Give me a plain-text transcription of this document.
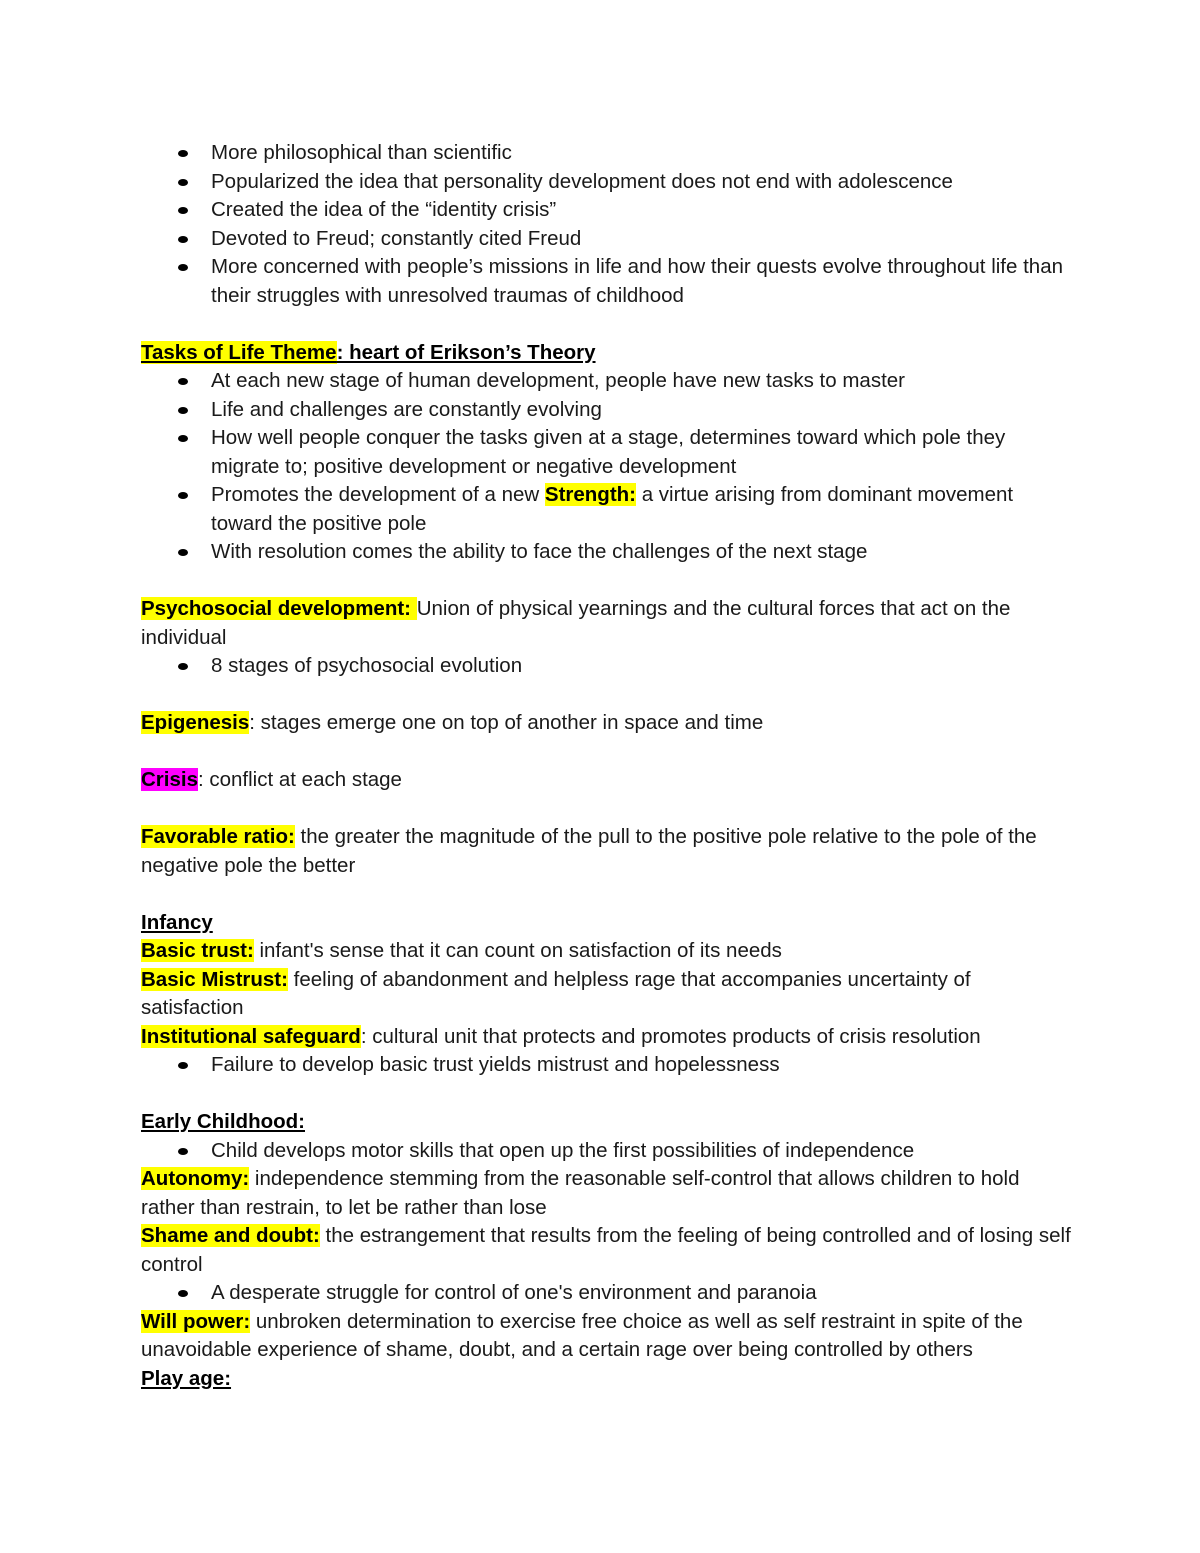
More philosophical than scientific
Popularized the idea that personality development does not end with adolescence
Created the idea of the “identity crisis”
Devoted to Freud; constantly cited Freud
More concerned with people’s missions in life and how their quests evolve throughout life than their struggles with unresolved traumas of childhood

Tasks of Life Theme: heart of Erikson’s Theory

At each new stage of human development, people have new tasks to master
Life and challenges are constantly evolving
How well people conquer the tasks given at a stage, determines toward which pole they migrate to; positive development or negative development
Promotes the development of a new Strength: a virtue arising from dominant movement toward the positive pole
With resolution comes the ability to face the challenges of the next stage

Psychosocial development: Union of physical yearnings and the cultural forces that act on the individual

8 stages of psychosocial evolution

Epigenesis: stages emerge one on top of another in space and time

Crisis: conflict at each stage

Favorable ratio: the greater the magnitude of the pull to the positive pole relative to the pole of the negative pole the better

Infancy

Basic trust: infant's sense that it can count on satisfaction of its needs

Basic Mistrust: feeling of abandonment and helpless rage that accompanies uncertainty of satisfaction

Institutional safeguard: cultural unit that protects and promotes products of crisis resolution

Failure to develop basic trust yields mistrust and hopelessness

Early Childhood:

Child develops motor skills that open up the first possibilities of independence

Autonomy: independence stemming from the reasonable self-control that allows children to hold rather than restrain, to let be rather than lose

Shame and doubt: the estrangement that results from the feeling of being controlled and of losing self control

A desperate struggle for control of one's environment and paranoia

Will power: unbroken determination to exercise free choice as well as self restraint in spite of the unavoidable experience of shame, doubt, and a certain rage over being controlled by others

Play age:
